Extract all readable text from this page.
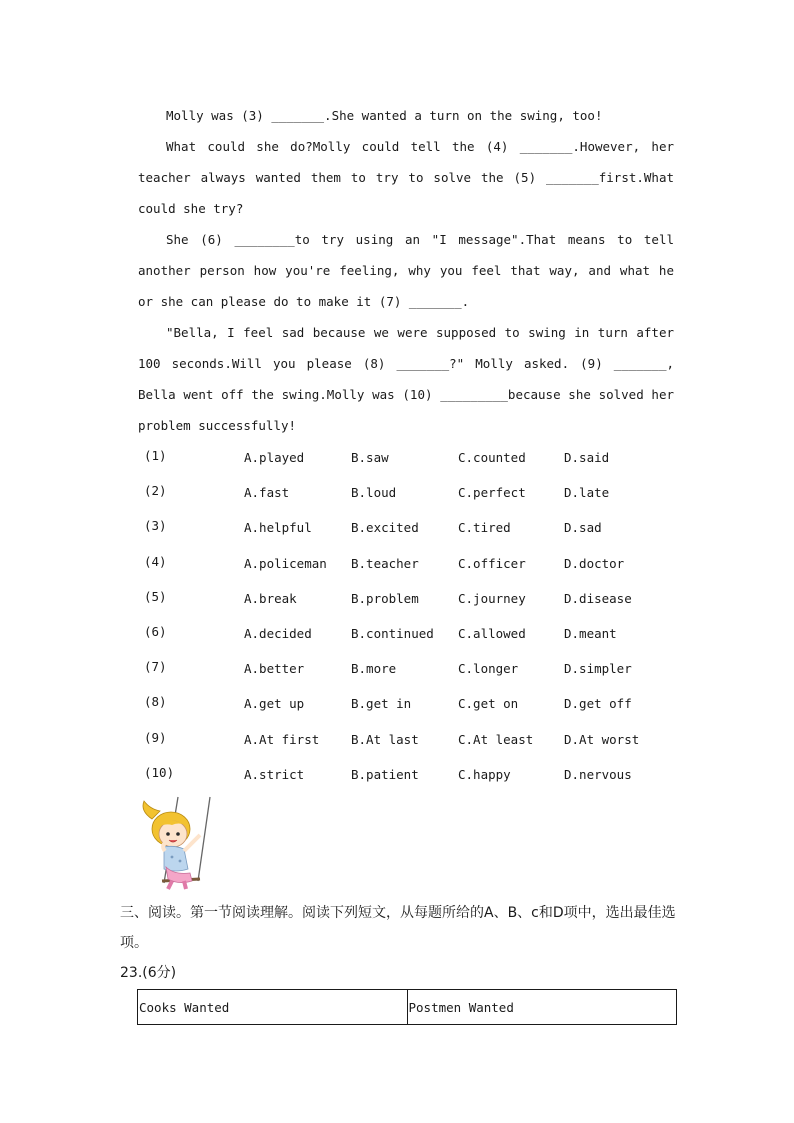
Molly was (3) _______.She wanted a turn on the swing, too!

What could she do?Molly could tell the (4) _______.However, her teacher always wanted them to try to solve the (5) _______first.What could she try?

She (6) ________to try using an "I message".That means to tell another person how you're feeling, why you feel that way, and what he or she can please do to make it (7) _______.

"Bella, I feel sad because we were supposed to swing in turn after 100 seconds.Will you please (8) _______?" Molly asked. (9) _______, Bella went off the swing.Molly was (10) _________because she solved her problem successfully!

(1)	A.played	B.saw	C.counted	D.said
(2)	A.fast	B.loud	C.perfect	D.late
(3)	A.helpful	B.excited	C.tired	D.sad
(4)	A.policeman B.teacher	C.officer	D.doctor
(5)	A.break	B.problem	C.journey	D.disease
(6)	A.decided	B.continued C.allowed	D.meant
(7)	A.better	B.more	C.longer	D.simpler
(8)	A.get up	B.get in	C.get on	D.get off
(9)	A.At first	B.At last	C.At least D.At worst
(10)	A.strict	B.patient	C.happy	D.nervous

三、阅读。第一节阅读理解。阅读下列短文，从每题所给的A、B、c和D项中，选出最佳选项。

23.(6分)

Cooks Wanted	Postmen Wanted
